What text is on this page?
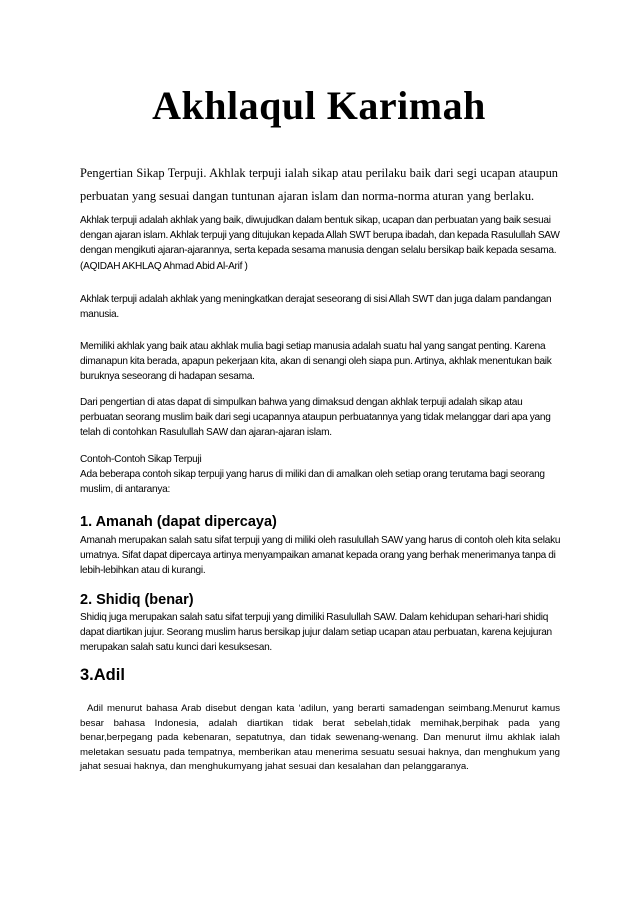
Akhlaqul Karimah

Pengertian Sikap Terpuji. Akhlak terpuji ialah sikap atau perilaku baik dari segi ucapan ataupun perbuatan yang sesuai dangan tuntunan ajaran islam dan norma-norma aturan yang berlaku.

Akhlak terpuji adalah akhlak yang baik, diwujudkan dalam bentuk sikap, ucapan dan perbuatan yang baik sesuai dengan ajaran islam. Akhlak terpuji yang ditujukan kepada Allah SWT berupa ibadah, dan kepada Rasulullah SAW dengan mengikuti ajaran-ajarannya, serta kepada sesama manusia dengan selalu bersikap baik kepada sesama. (AQIDAH AKHLAQ Ahmad Abid Al-Arif )

Akhlak terpuji adalah akhlak yang meningkatkan derajat seseorang di sisi Allah SWT dan juga dalam pandangan manusia.

Memiliki akhlak yang baik atau akhlak mulia bagi setiap manusia adalah suatu hal yang sangat penting. Karena dimanapun kita berada, apapun pekerjaan kita, akan di senangi oleh siapa pun. Artinya, akhlak menentukan baik buruknya seseorang di hadapan sesama.

Dari pengertian di atas dapat di simpulkan bahwa yang dimaksud dengan akhlak terpuji adalah sikap atau perbuatan seorang muslim baik dari segi ucapannya ataupun perbuatannya yang tidak melanggar dari apa yang telah di contohkan Rasulullah SAW dan ajaran-ajaran islam.

Contoh-Contoh Sikap Terpuji

Ada beberapa contoh sikap terpuji yang harus di miliki dan di amalkan oleh setiap orang terutama bagi seorang muslim, di antaranya:

1. Amanah (dapat dipercaya)

Amanah merupakan salah satu sifat terpuji yang di miliki oleh rasulullah SAW yang harus di contoh oleh kita selaku umatnya. Sifat dapat dipercaya artinya menyampaikan amanat kepada orang yang berhak menerimanya tanpa di lebih-lebihkan atau di kurangi.

2. Shidiq (benar)

Shidiq juga merupakan salah satu sifat terpuji yang dimiliki Rasulullah SAW. Dalam kehidupan sehari-hari shidiq dapat diartikan jujur. Seorang muslim harus bersikap jujur dalam setiap ucapan atau perbuatan, karena kejujuran merupakan salah satu kunci dari kesuksesan.

3.Adil

Adil menurut bahasa Arab disebut dengan kata ‘adilun, yang berarti samadengan seimbang.Menurut kamus besar bahasa Indonesia, adalah diartikan tidak berat sebelah,tidak memihak,berpihak pada yang benar,berpegang pada kebenaran, sepatutnya, dan tidak sewenang-wenang. Dan menurut ilmu akhlak ialah meletakan sesuatu pada tempatnya, memberikan atau menerima sesuatu sesuai haknya, dan menghukum yang jahat sesuai haknya, dan menghukumyang jahat sesuai dan kesalahan dan pelanggaranya.
